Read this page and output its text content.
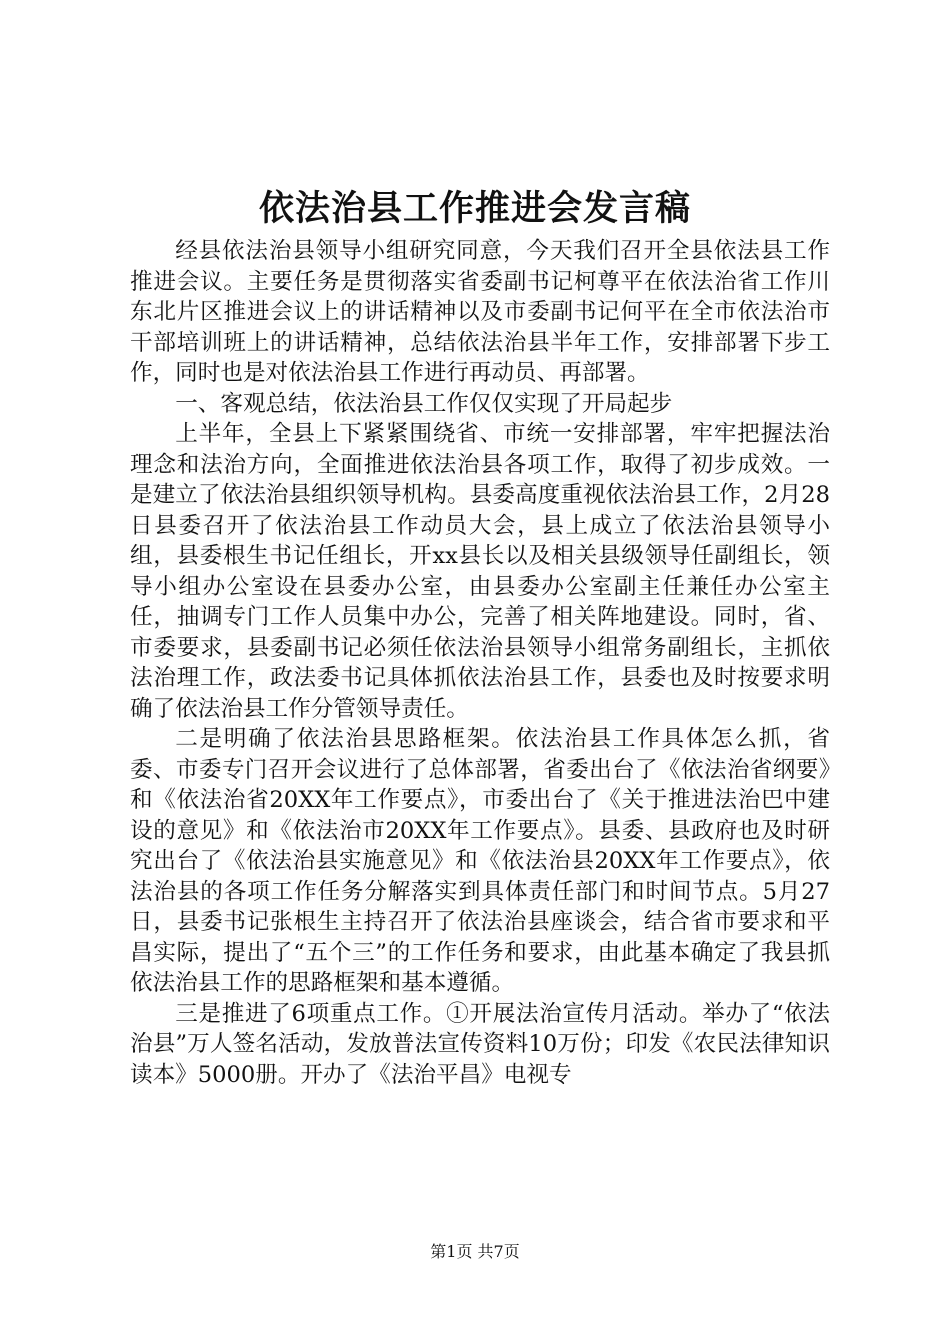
依法治县工作推进会发言稿

经县依法治县领导小组研究同意，今天我们召开全县依法县工作推进会议。主要任务是贯彻落实省委副书记柯尊平在依法治省工作川东北片区推进会议上的讲话精神以及市委副书记何平在全市依法治市干部培训班上的讲话精神，总结依法治县半年工作，安排部署下步工作，同时也是对依法治县工作进行再动员、再部署。

一、客观总结，依法治县工作仅仅实现了开局起步

上半年，全县上下紧紧围绕省、市统一安排部署，牢牢把握法治理念和法治方向，全面推进依法治县各项工作，取得了初步成效。一是建立了依法治县组织领导机构。县委高度重视依法治县工作，2月28日县委召开了依法治县工作动员大会，县上成立了依法治县领导小组，县委根生书记任组长，开xx县长以及相关县级领导任副组长，领导小组办公室设在县委办公室，由县委办公室副主任兼任办公室主任，抽调专门工作人员集中办公，完善了相关阵地建设。同时，省、市委要求，县委副书记必须任依法治县领导小组常务副组长，主抓依法治理工作，政法委书记具体抓依法治县工作，县委也及时按要求明确了依法治县工作分管领导责任。

二是明确了依法治县思路框架。依法治县工作具体怎么抓，省委、市委专门召开会议进行了总体部署，省委出台了《依法治省纲要》和《依法治省20XX年工作要点》，市委出台了《关于推进法治巴中建设的意见》和《依法治市20XX年工作要点》。县委、县政府也及时研究出台了《依法治县实施意见》和《依法治县20XX年工作要点》，依法治县的各项工作任务分解落实到具体责任部门和时间节点。5月27日，县委书记张根生主持召开了依法治县座谈会，结合省市要求和平昌实际，提出了“五个三”的工作任务和要求，由此基本确定了我县抓依法治县工作的思路框架和基本遵循。

三是推进了6项重点工作。①开展法治宣传月活动。举办了“依法治县”万人签名活动，发放普法宣传资料10万份；印发《农民法律知识读本》5000册。开办了《法治平昌》电视专

第1页 共7页
